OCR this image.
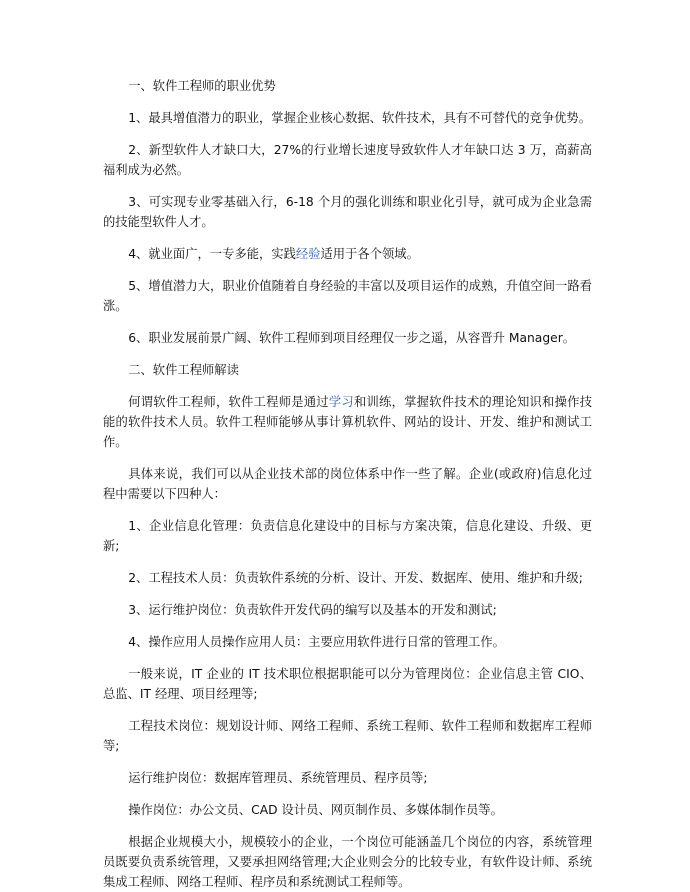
一、软件工程师的职业优势

1、最具增值潜力的职业，掌握企业核心数据、软件技术，具有不可替代的竞争优势。

2、新型软件人才缺口大，27%的行业增长速度导致软件人才年缺口达 3 万，高薪高福利成为必然。

3、可实现专业零基础入行，6-18 个月的强化训练和职业化引导，就可成为企业急需的技能型软件人才。

4、就业面广，一专多能，实践经验适用于各个领域。

5、增值潜力大，职业价值随着自身经验的丰富以及项目运作的成熟，升值空间一路看涨。

6、职业发展前景广阔、软件工程师到项目经理仅一步之遥，从容晋升 Manager。

二、软件工程师解读

何谓软件工程师，软件工程师是通过学习和训练，掌握软件技术的理论知识和操作技能的软件技术人员。软件工程师能够从事计算机软件、网站的设计、开发、维护和测试工作。

具体来说，我们可以从企业技术部的岗位体系中作一些了解。企业(或政府)信息化过程中需要以下四种人：

1、企业信息化管理：负责信息化建设中的目标与方案决策，信息化建设、升级、更新;

2、工程技术人员：负责软件系统的分析、设计、开发、数据库、使用、维护和升级;

3、运行维护岗位：负责软件开发代码的编写以及基本的开发和测试;

4、操作应用人员操作应用人员：主要应用软件进行日常的管理工作。

一般来说，IT 企业的 IT 技术职位根据职能可以分为管理岗位：企业信息主管 CIO、总监、IT 经理、项目经理等;

工程技术岗位：规划设计师、网络工程师、系统工程师、软件工程师和数据库工程师等;

运行维护岗位：数据库管理员、系统管理员、程序员等;

操作岗位：办公文员、CAD 设计员、网页制作员、多媒体制作员等。

根据企业规模大小，规模较小的企业，一个岗位可能涵盖几个岗位的内容，系统管理员既要负责系统管理，又要承担网络管理;大企业则会分的比较专业，有软件设计师、系统集成工程师、网络工程师、程序员和系统测试工程师等。
